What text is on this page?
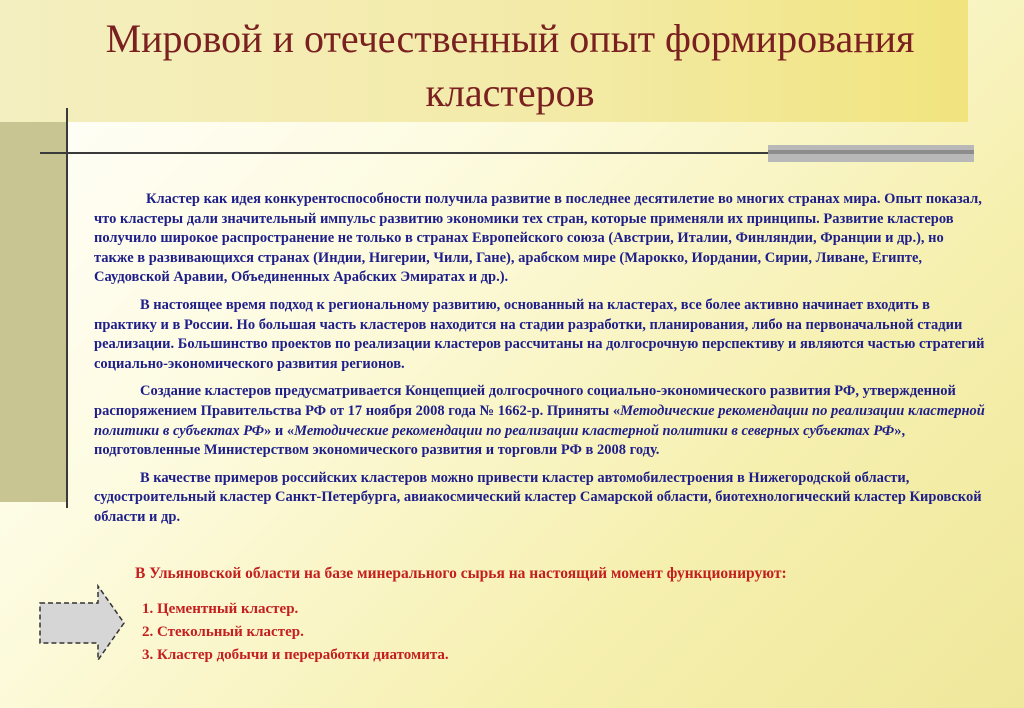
Мировой и отечественный опыт формирования кластеров

Кластер как идея конкурентоспособности получила развитие в последнее десятилетие во многих странах мира. Опыт показал, что кластеры дали значительный импульс развитию экономики тех стран, которые применяли их принципы. Развитие кластеров получило широкое распространение не только в странах Европейского союза (Австрии, Италии, Финляндии, Франции и др.), но также в развивающихся странах (Индии, Нигерии, Чили, Гане), арабском мире (Марокко, Иордании, Сирии, Ливане, Египте, Саудовской Аравии, Объединенных Арабских Эмиратах и др.).

В настоящее время подход к региональному развитию, основанный на кластерах, все более активно начинает входить в практику и в России. Но большая часть кластеров находится на стадии разработки, планирования, либо на первоначальной стадии реализации. Большинство проектов по реализации кластеров рассчитаны на долгосрочную перспективу и являются частью стратегий социально-экономического развития регионов.

Создание кластеров предусматривается Концепцией долгосрочного социально-экономического развития РФ, утвержденной распоряжением Правительства РФ от 17 ноября 2008 года № 1662-р. Приняты «Методические рекомендации по реализации кластерной политики в субъектах РФ» и «Методические рекомендации по реализации кластерной политики в северных субъектах РФ», подготовленные Министерством экономического развития и торговли РФ в 2008 году.

В качестве примеров российских кластеров можно привести кластер автомобилестроения в Нижегородской области, судостроительный кластер Санкт-Петербурга, авиакосмический кластер Самарской области, биотехнологический кластер Кировской области и др.

В Ульяновской области на базе минерального сырья на настоящий момент функционируют:
1. Цементный кластер.
2. Стекольный кластер.
3. Кластер добычи и переработки диатомита.
